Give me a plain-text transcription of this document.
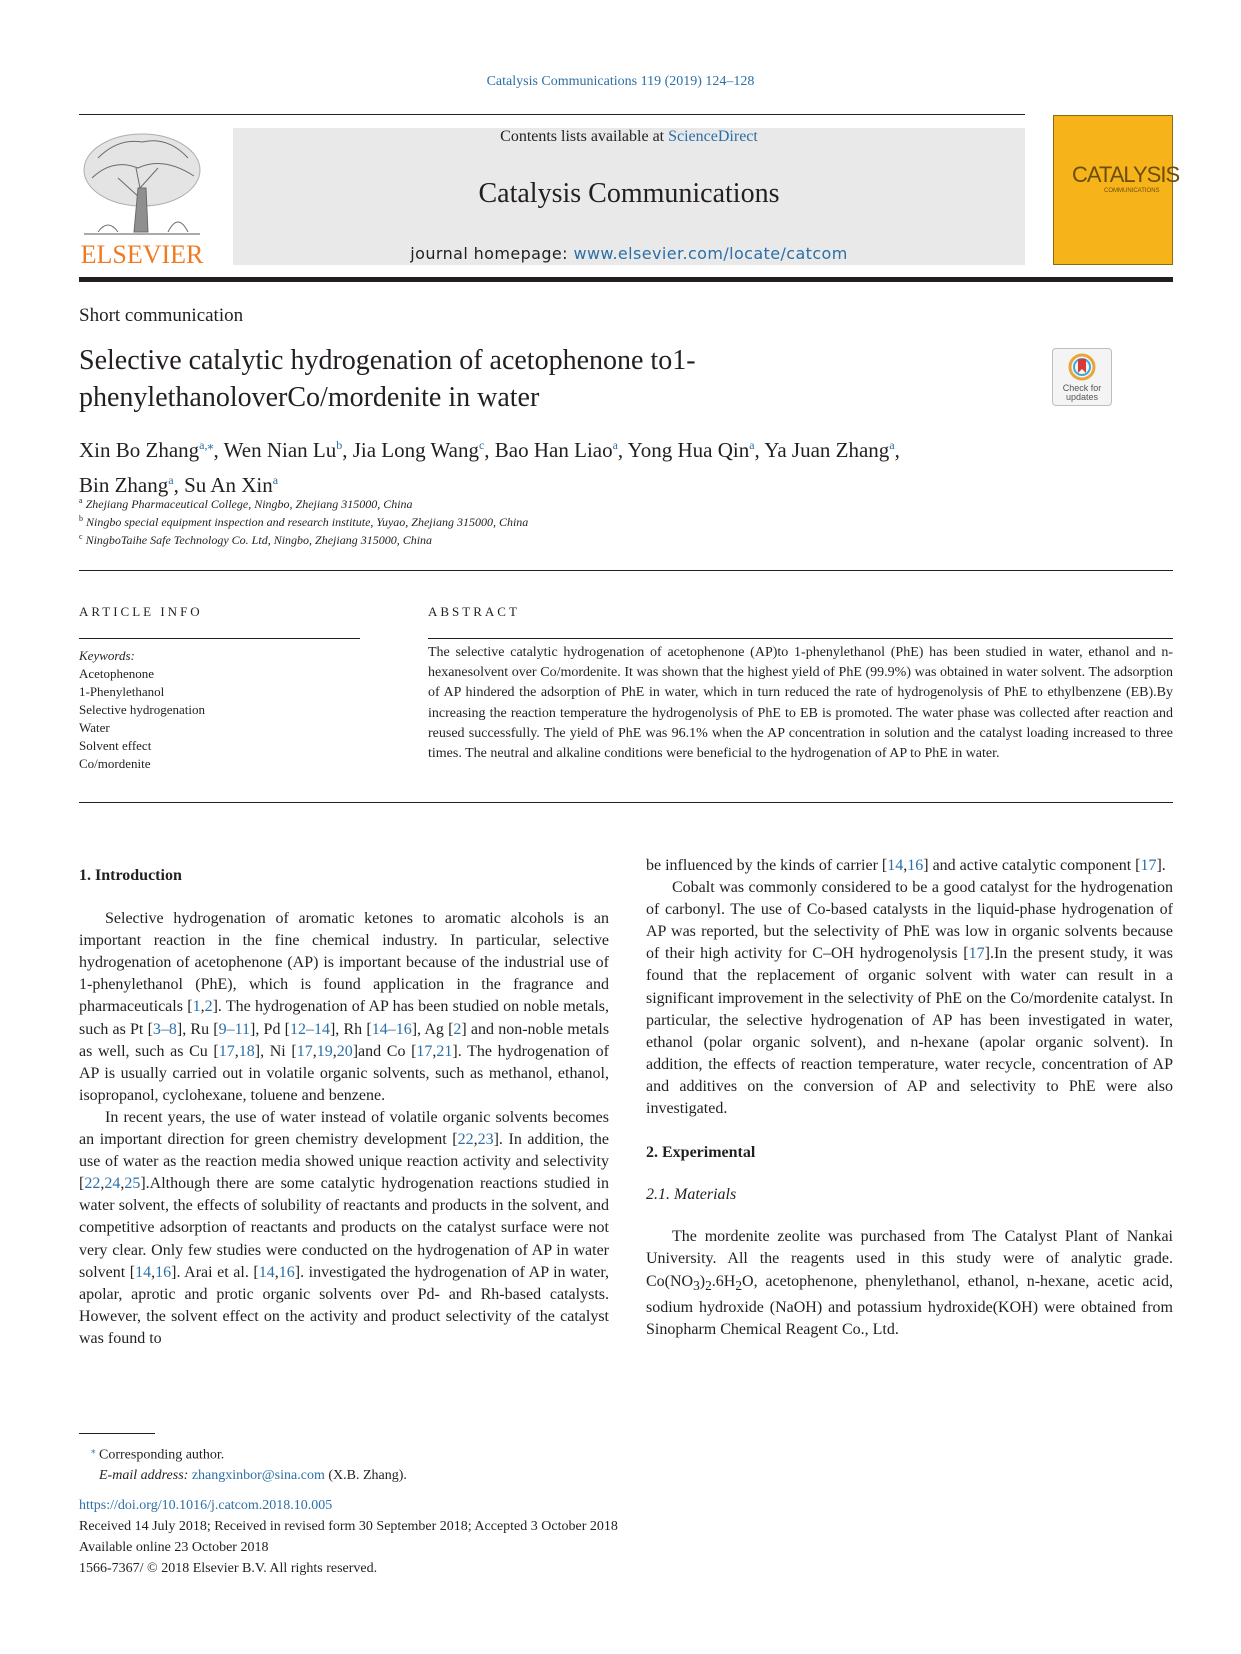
Catalysis Communications 119 (2019) 124–128
ELSEVIER
Contents lists available at ScienceDirect
Catalysis Communications
journal homepage: www.elsevier.com/locate/catcom
CATALYSIS
COMMUNICATIONS
Short communication
Selective catalytic hydrogenation of acetophenone to1-
phenylethanoloverCo/mordenite in water	Check for updates
Xin Bo Zhang$^{a,⁎}$, Wen Nian Lu$^b$, Jia Long Wang$^c$, Bao Han Liao$^a$, Yong Hua Qin$^a$, Ya Juan Zhang$^a$,
Bin Zhang$^a$, Su An Xin$^a$
$^a$ Zhejiang Pharmaceutical College, Ningbo, Zhejiang 315000, China
$^b$ Ningbo special equipment inspection and research institute, Yuyao, Zhejiang 315000, China
$^c$ NingboTaihe Safe Technology Co. Ltd, Ningbo, Zhejiang 315000, China
ARTICLE INFO	ABSTRACT
Keywords:
Acetophenone
1-Phenylethanol
Selective hydrogenation
Water
Solvent effect
Co/mordenite
The selective catalytic hydrogenation of acetophenone (AP)to 1-phenylethanol (PhE) has been studied in water, ethanol and n-hexanesolvent over Co/mordenite. It was shown that the highest yield of PhE (99.9%) was obtained in water solvent. The adsorption of AP hindered the adsorption of PhE in water, which in turn reduced the rate of hydrogenolysis of PhE to ethylbenzene (EB).By increasing the reaction temperature the hydrogenolysis of PhE to EB is promoted. The water phase was collected after reaction and reused successfully. The yield of PhE was 96.1% when the AP concentration in solution and the catalyst loading increased to three times. The neutral and alkaline conditions were beneficial to the hydrogenation of AP to PhE in water.

1. Introduction

Selective hydrogenation of aromatic ketones to aromatic alcohols is an important reaction in the fine chemical industry. In particular, selective hydrogenation of acetophenone (AP) is important because of the industrial use of 1-phenylethanol (PhE), which is found application in the fragrance and pharmaceuticals [1,2]. The hydrogenation of AP has been studied on noble metals, such as Pt [3–8], Ru [9–11], Pd [12–14], Rh [14–16], Ag [2] and non-noble metals as well, such as Cu [17,18], Ni [17,19,20]and Co [17,21]. The hydrogenation of AP is usually carried out in volatile organic solvents, such as methanol, ethanol, isopropanol, cyclohexane, toluene and benzene.

In recent years, the use of water instead of volatile organic solvents becomes an important direction for green chemistry development [22,23]. In addition, the use of water as the reaction media showed unique reaction activity and selectivity [22,24,25].Although there are some catalytic hydrogenation reactions studied in water solvent, the effects of solubility of reactants and products in the solvent, and competitive adsorption of reactants and products on the catalyst surface were not very clear. Only few studies were conducted on the hydrogenation of AP in water solvent [14,16]. Arai et al. [14,16]. investigated the hydrogenation of AP in water, apolar, aprotic and protic organic solvents over Pd- and Rh-based catalysts. However, the solvent effect on the activity and product selectivity of the catalyst was found to

be influenced by the kinds of carrier [14,16] and active catalytic component [17].

Cobalt was commonly considered to be a good catalyst for the hydrogenation of carbonyl. The use of Co-based catalysts in the liquid-phase hydrogenation of AP was reported, but the selectivity of PhE was low in organic solvents because of their high activity for C–OH hydrogenolysis [17].In the present study, it was found that the replacement of organic solvent with water can result in a significant improvement in the selectivity of PhE on the Co/mordenite catalyst. In particular, the selective hydrogenation of AP has been investigated in water, ethanol (polar organic solvent), and n-hexane (apolar organic solvent). In addition, the effects of reaction temperature, water recycle, concentration of AP and additives on the conversion of AP and selectivity to PhE were also investigated.

2. Experimental

2.1. Materials

The mordenite zeolite was purchased from The Catalyst Plant of Nankai University. All the reagents used in this study were of analytic grade. $Co(NO_3)_2.6H_2O$, acetophenone, phenylethanol, ethanol, n-hexane, acetic acid, sodium hydroxide (NaOH) and potassium hydroxide(KOH) were obtained from Sinopharm Chemical Reagent Co., Ltd.

⁎ Corresponding author.
E-mail address: zhangxinbor@sina.com (X.B. Zhang).
https://doi.org/10.1016/j.catcom.2018.10.005
Received 14 July 2018; Received in revised form 30 September 2018; Accepted 3 October 2018
Available online 23 October 2018
1566-7367/ © 2018 Elsevier B.V. All rights reserved.
